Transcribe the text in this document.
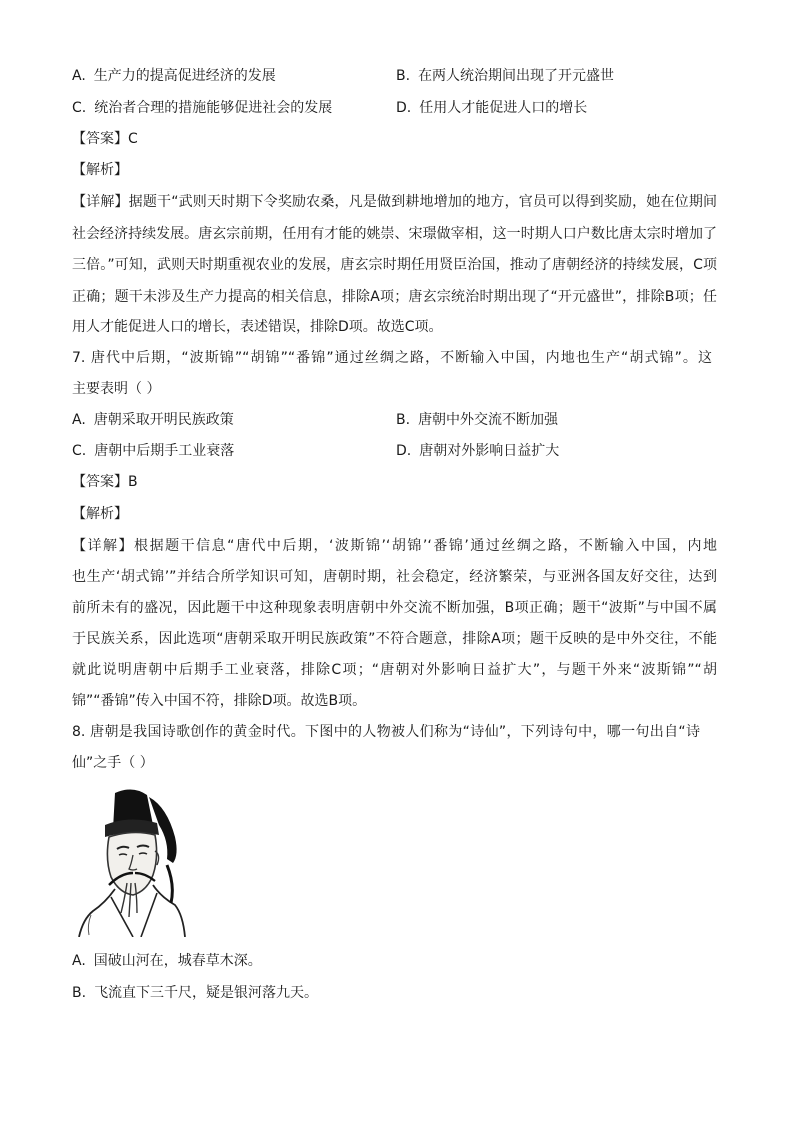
A. 生产力的提高促进经济的发展	B. 在两人统治期间出现了开元盛世
C. 统治者合理的措施能够促进社会的发展	D. 任用人才能促进人口的增长
【答案】C
【解析】
【详解】据题干“武则天时期下令奖励农桑，凡是做到耕地增加的地方，官员可以得到奖励，她在位期间
社会经济持续发展。唐玄宗前期，任用有才能的姚崇、宋璟做宰相，这一时期人口户数比唐太宗时增加了
三倍。”可知，武则天时期重视农业的发展，唐玄宗时期任用贤臣治国，推动了唐朝经济的持续发展，C项
正确；题干未涉及生产力提高的相关信息，排除A项；唐玄宗统治时期出现了“开元盛世”，排除B项；任
用人才能促进人口的增长，表述错误，排除D项。故选C项。
7. 唐代中后期，“波斯锦”“胡锦”“番锦”通过丝绸之路，不断输入中国，内地也生产“胡式锦”。这
主要表明（ ）
A. 唐朝采取开明民族政策	B. 唐朝中外交流不断加强
C. 唐朝中后期手工业衰落	D. 唐朝对外影响日益扩大
【答案】B
【解析】
【详解】根据题干信息“唐代中后期，‘波斯锦’‘胡锦’‘番锦’通过丝绸之路，不断输入中国，内地
也生产‘胡式锦’”并结合所学知识可知，唐朝时期，社会稳定，经济繁荣，与亚洲各国友好交往，达到
前所未有的盛况，因此题干中这种现象表明唐朝中外交流不断加强，B项正确；题干“波斯”与中国不属
于民族关系，因此选项“唐朝采取开明民族政策”不符合题意，排除A项；题干反映的是中外交往，不能
就此说明唐朝中后期手工业衰落，排除C项；“唐朝对外影响日益扩大”，与题干外来“波斯锦”“胡
锦”“番锦”传入中国不符，排除D项。故选B项。
8. 唐朝是我国诗歌创作的黄金时代。下图中的人物被人们称为“诗仙”，下列诗句中，哪一句出自“诗
仙”之手（ ）
A. 国破山河在，城春草木深。
B. 飞流直下三千尺，疑是银河落九天。
